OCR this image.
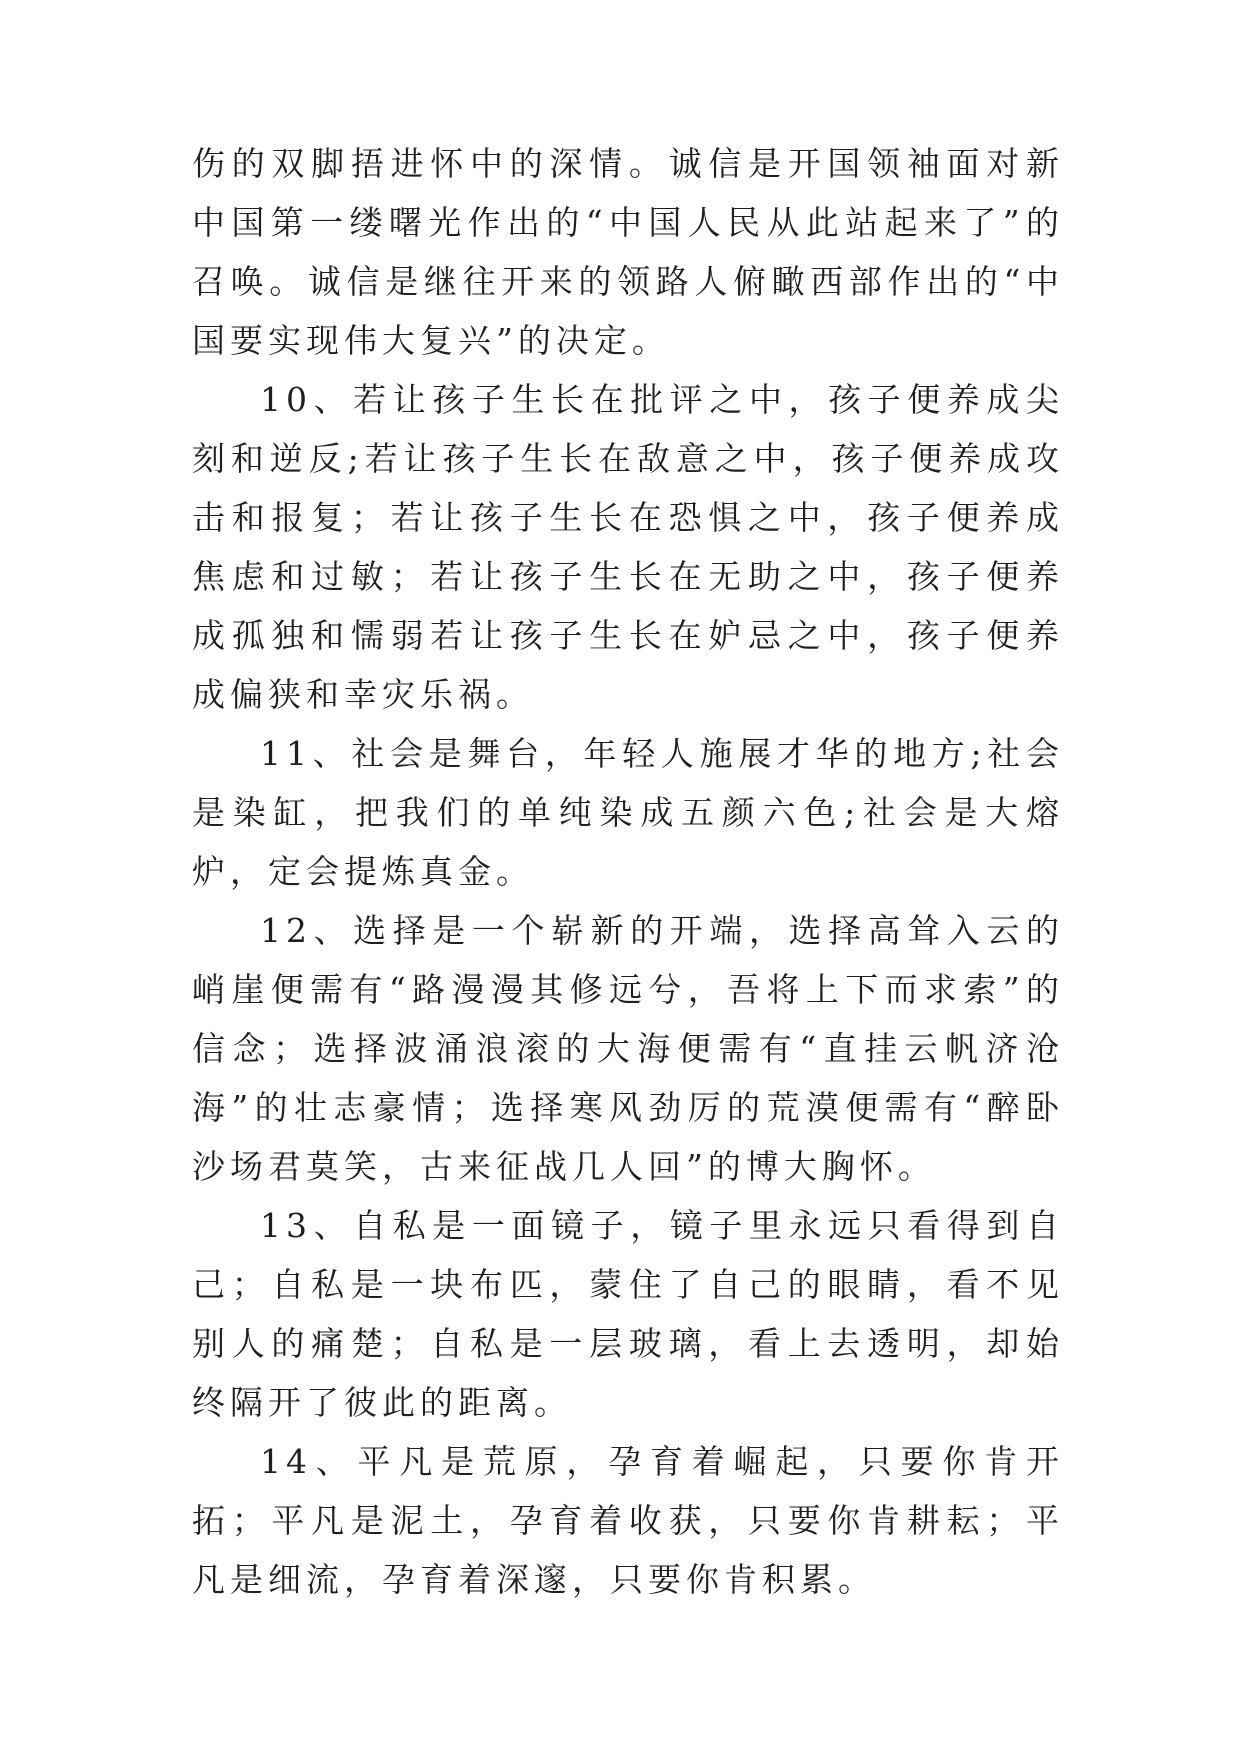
伤的双脚捂进怀中的深情。诚信是开国领袖面对新中国第一缕曙光作出的“中国人民从此站起来了”的召唤。诚信是继往开来的领路人俯瞰西部作出的“中国要实现伟大复兴”的决定。

10、若让孩子生长在批评之中，孩子便养成尖刻和逆反;若让孩子生长在敌意之中，孩子便养成攻击和报复；若让孩子生长在恐惧之中，孩子便养成焦虑和过敏；若让孩子生长在无助之中，孩子便养成孤独和懦弱若让孩子生长在妒忌之中，孩子便养成偏狭和幸灾乐祸。

11、社会是舞台，年轻人施展才华的地方;社会是染缸，把我们的单纯染成五颜六色;社会是大熔炉，定会提炼真金。

12、选择是一个崭新的开端，选择高耸入云的峭崖便需有“路漫漫其修远兮，吾将上下而求索”的信念；选择波涌浪滚的大海便需有“直挂云帆济沧海”的壮志豪情；选择寒风劲厉的荒漠便需有“醉卧沙场君莫笑，古来征战几人回”的博大胸怀。

13、自私是一面镜子，镜子里永远只看得到自己；自私是一块布匹，蒙住了自己的眼睛，看不见别人的痛楚；自私是一层玻璃，看上去透明，却始终隔开了彼此的距离。

14、平凡是荒原，孕育着崛起，只要你肯开拓；平凡是泥土，孕育着收获，只要你肯耕耘；平凡是细流，孕育着深邃，只要你肯积累。
